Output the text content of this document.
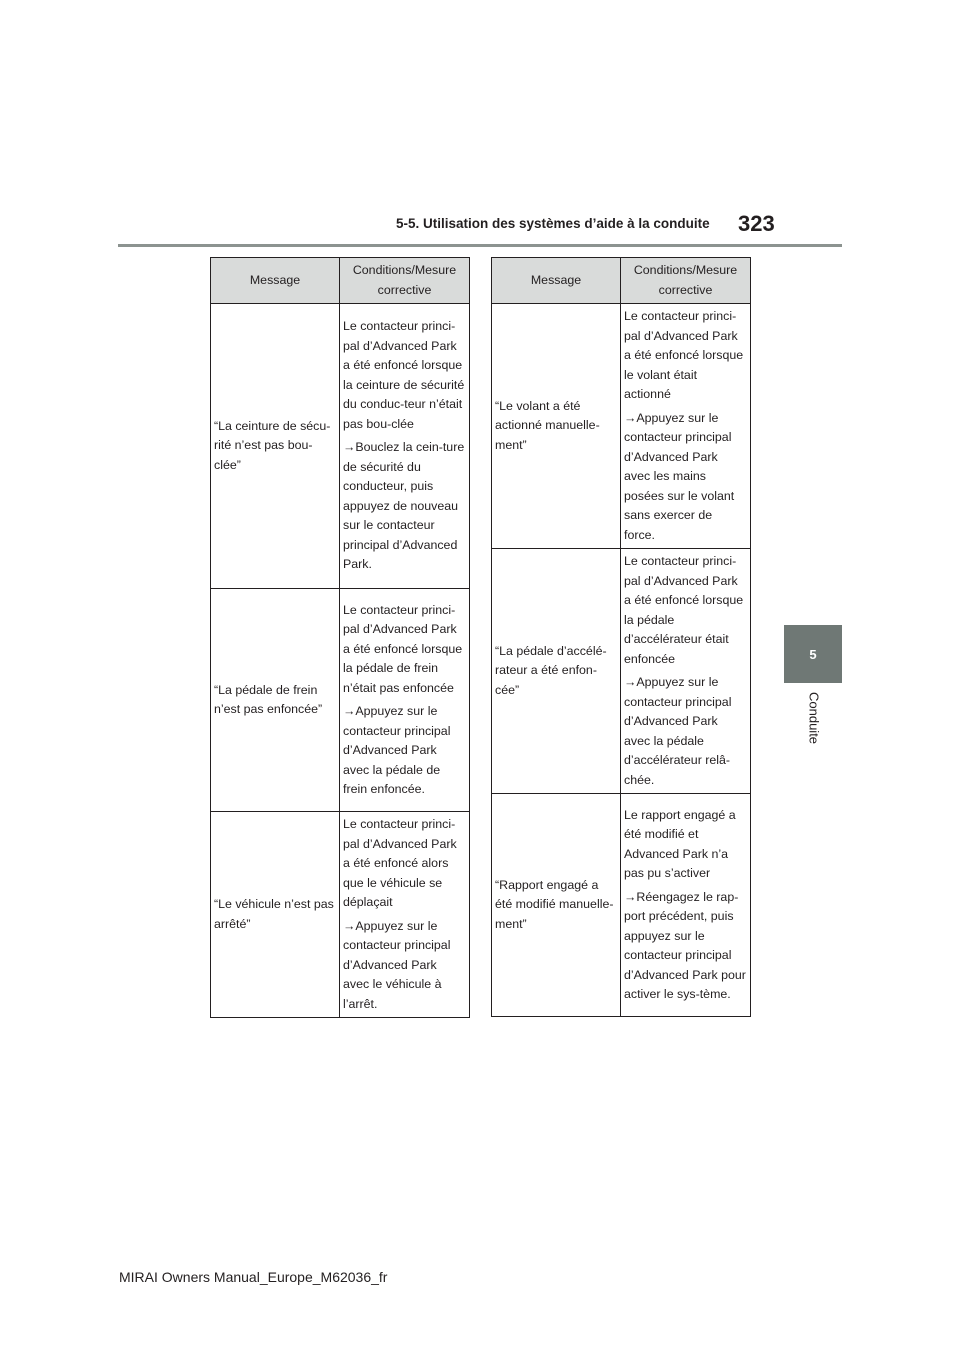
5-5. Utilisation des systèmes d’aide à la conduite 323
5
Conduite
Message	Conditions/Mesure corrective
“La ceinture de sécu-rité n’est pas bou-clée”	Le contacteur princi-pal d’Advanced Park a été enfoncé lorsque la ceinture de sécurité du conduc-teur n’était pas bou-clée

→Bouclez la cein-ture de sécurité du conducteur, puis appuyez de nouveau sur le contacteur principal d’Advanced Park.

“La pédale de frein n’est pas enfoncée”	Le contacteur princi-pal d’Advanced Park a été enfoncé lorsque la pédale de frein n’était pas enfoncée

→Appuyez sur le contacteur principal d’Advanced Park avec la pédale de frein enfoncée.

“Le véhicule n’est pas arrêté”	Le contacteur princi-pal d’Advanced Park a été enfoncé alors que le véhicule se déplaçait

→Appuyez sur le contacteur principal d’Advanced Park avec le véhicule à l’arrêt.

Message	Conditions/Mesure corrective
“Le volant a été actionné manuelle-ment”	Le contacteur princi-pal d’Advanced Park a été enfoncé lorsque le volant était actionné

→Appuyez sur le contacteur principal d’Advanced Park avec les mains posées sur le volant sans exercer de force.

“La pédale d’accélé-rateur a été enfon-cée”	Le contacteur princi-pal d’Advanced Park a été enfoncé lorsque la pédale d’accélérateur était enfoncée

→Appuyez sur le contacteur principal d’Advanced Park avec la pédale d’accélérateur relâ-chée.

“Rapport engagé a été modifié manuelle-ment”	Le rapport engagé a été modifié et Advanced Park n’a pas pu s’activer

→Réengagez le rap-port précédent, puis appuyez sur le contacteur principal d’Advanced Park pour activer le sys-tème.

MIRAI Owners Manual_Europe_M62036_fr
